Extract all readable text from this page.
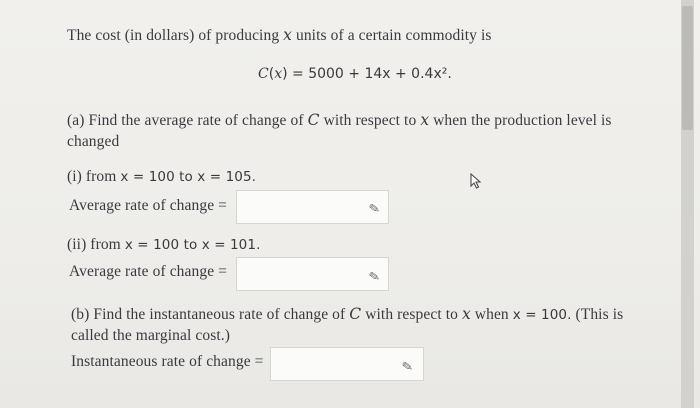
The cost (in dollars) of producing x units of a certain commodity is
C(x) = 5000 + 14x + 0.4x².
(a) Find the average rate of change of C with respect to x when the production level is
changed
(i) from x = 100 to x = 105.
Average rate of change =	✎
(ii) from x = 100 to x = 101.
Average rate of change =	✎
(b) Find the instantaneous rate of change of C with respect to x when x = 100. (This is
called the marginal cost.)
Instantaneous rate of change =	✎
